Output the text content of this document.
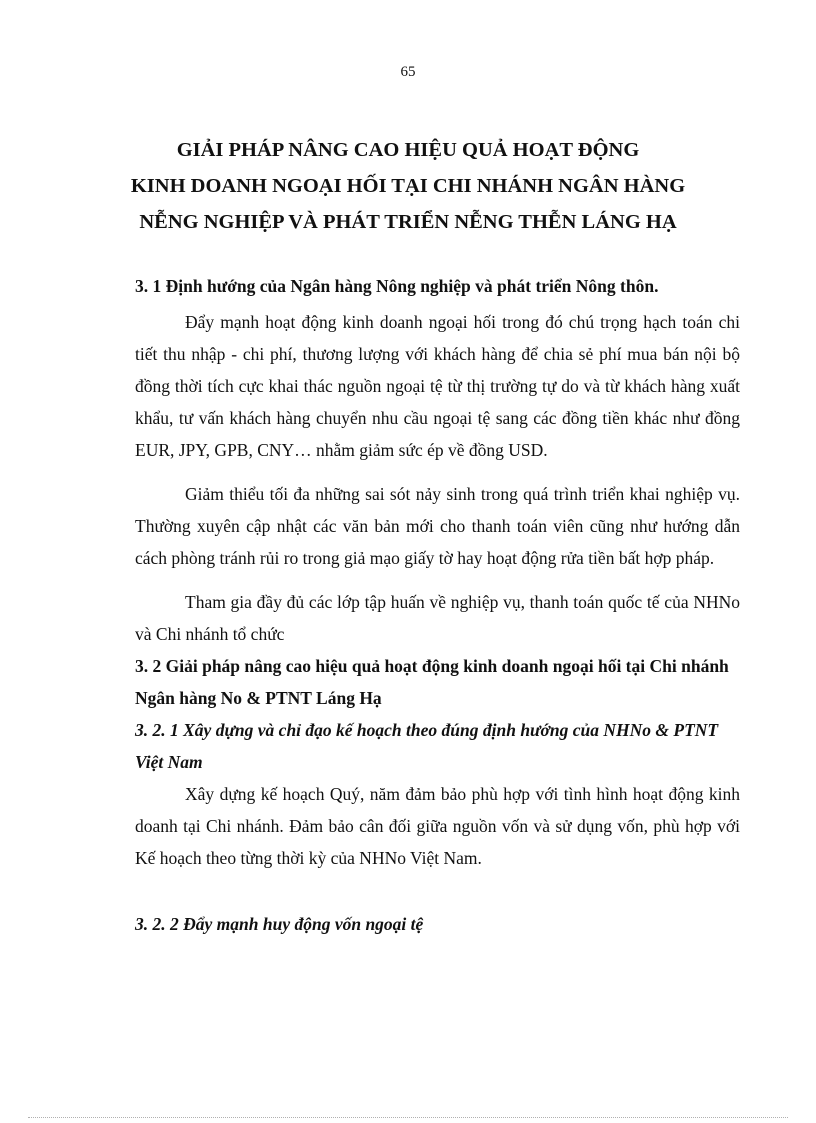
65
GIẢI PHÁP NÂNG CAO HIỆU QUẢ HOẠT ĐỘNG
KINH DOANH NGOẠI HỐI TẠI CHI NHÁNH NGÂN HÀNG
NỄNG NGHIỆP VÀ PHÁT TRIỂN NỄNG THỄN LÁNG HẠ

3. 1 Định hướng của Ngân hàng Nông nghiệp và phát triển Nông thôn.

Đẩy mạnh hoạt động kinh doanh ngoại hối trong đó chú trọng hạch toán chi tiết thu nhập - chi phí, thương lượng với khách hàng để chia sẻ phí mua bán nội bộ đồng thời tích cực khai thác nguồn ngoại tệ từ thị trường tự do và từ khách hàng xuất khẩu, tư vấn khách hàng chuyển nhu cầu ngoại tệ sang các đồng tiền khác như đồng EUR, JPY, GPB, CNY… nhằm giảm sức ép về đồng USD.

Giảm thiểu tối đa những sai sót nảy sinh trong quá trình triển khai nghiệp vụ. Thường xuyên cập nhật các văn bản mới cho thanh toán viên cũng như hướng dẫn cách phòng tránh rủi ro trong giả mạo giấy tờ hay hoạt động rửa tiền bất hợp pháp.

Tham gia đầy đủ các lớp tập huấn về nghiệp vụ, thanh toán quốc tế của NHNo và Chi nhánh tổ chức

3. 2 Giải pháp nâng cao hiệu quả hoạt động kinh doanh ngoại hối tại Chi nhánh Ngân hàng No & PTNT Láng Hạ

3. 2. 1 Xây dựng và chỉ đạo kế hoạch theo đúng định hướng của NHNo & PTNT Việt Nam

Xây dựng kế hoạch Quý, năm đảm bảo phù hợp với tình hình hoạt động kinh doanh tại Chi nhánh. Đảm bảo cân đối giữa nguồn vốn và sử dụng vốn, phù hợp với Kế hoạch theo từng thời kỳ của NHNo Việt Nam.

3. 2. 2 Đẩy mạnh huy động vốn ngoại tệ
